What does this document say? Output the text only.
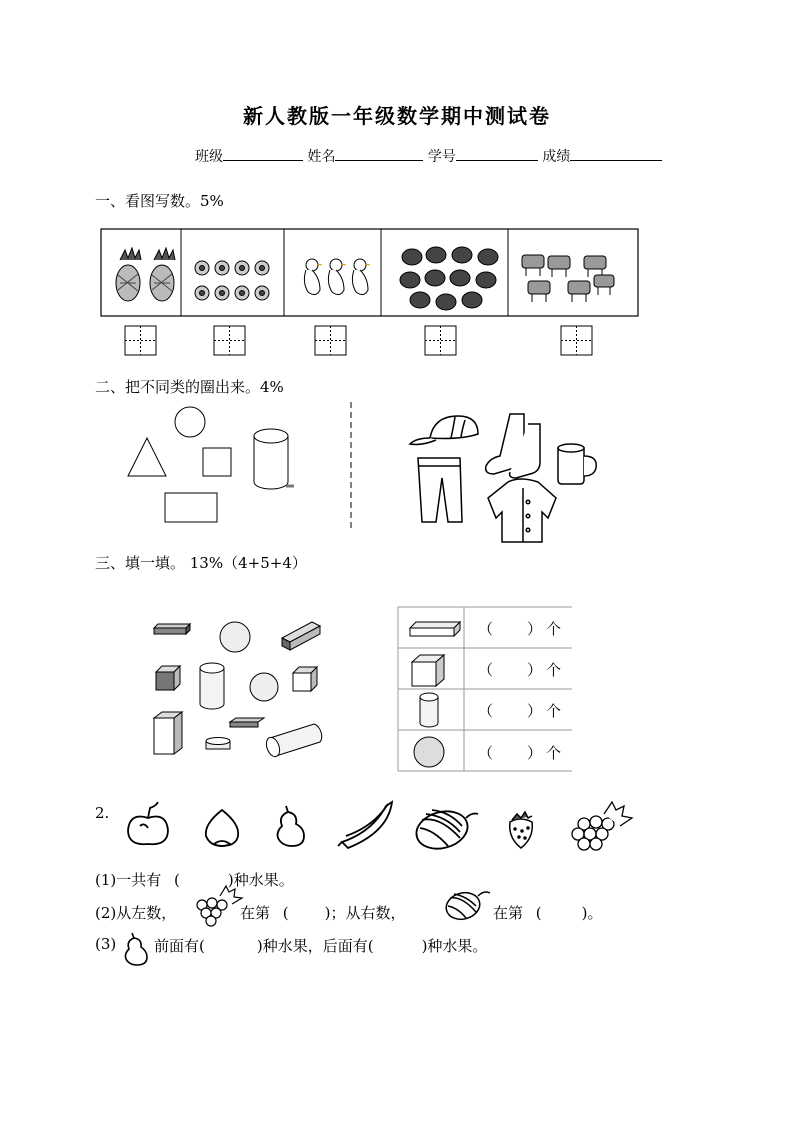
新人教版一年级数学期中测试卷
班级	姓名	学号	成绩
一、看图写数。5%
二、把不同类的圈出来。4%
三、填一填。 13%（4+5+4）
（ ） 个
（ ） 个
（ ） 个
（ ） 个
2.
(1)一共有 (	)种水果。
(2)从左数，	在第 ( )；从右数，	在第 (	)。
(3)	前面有(	)种水果，后面有(	)种水果。
